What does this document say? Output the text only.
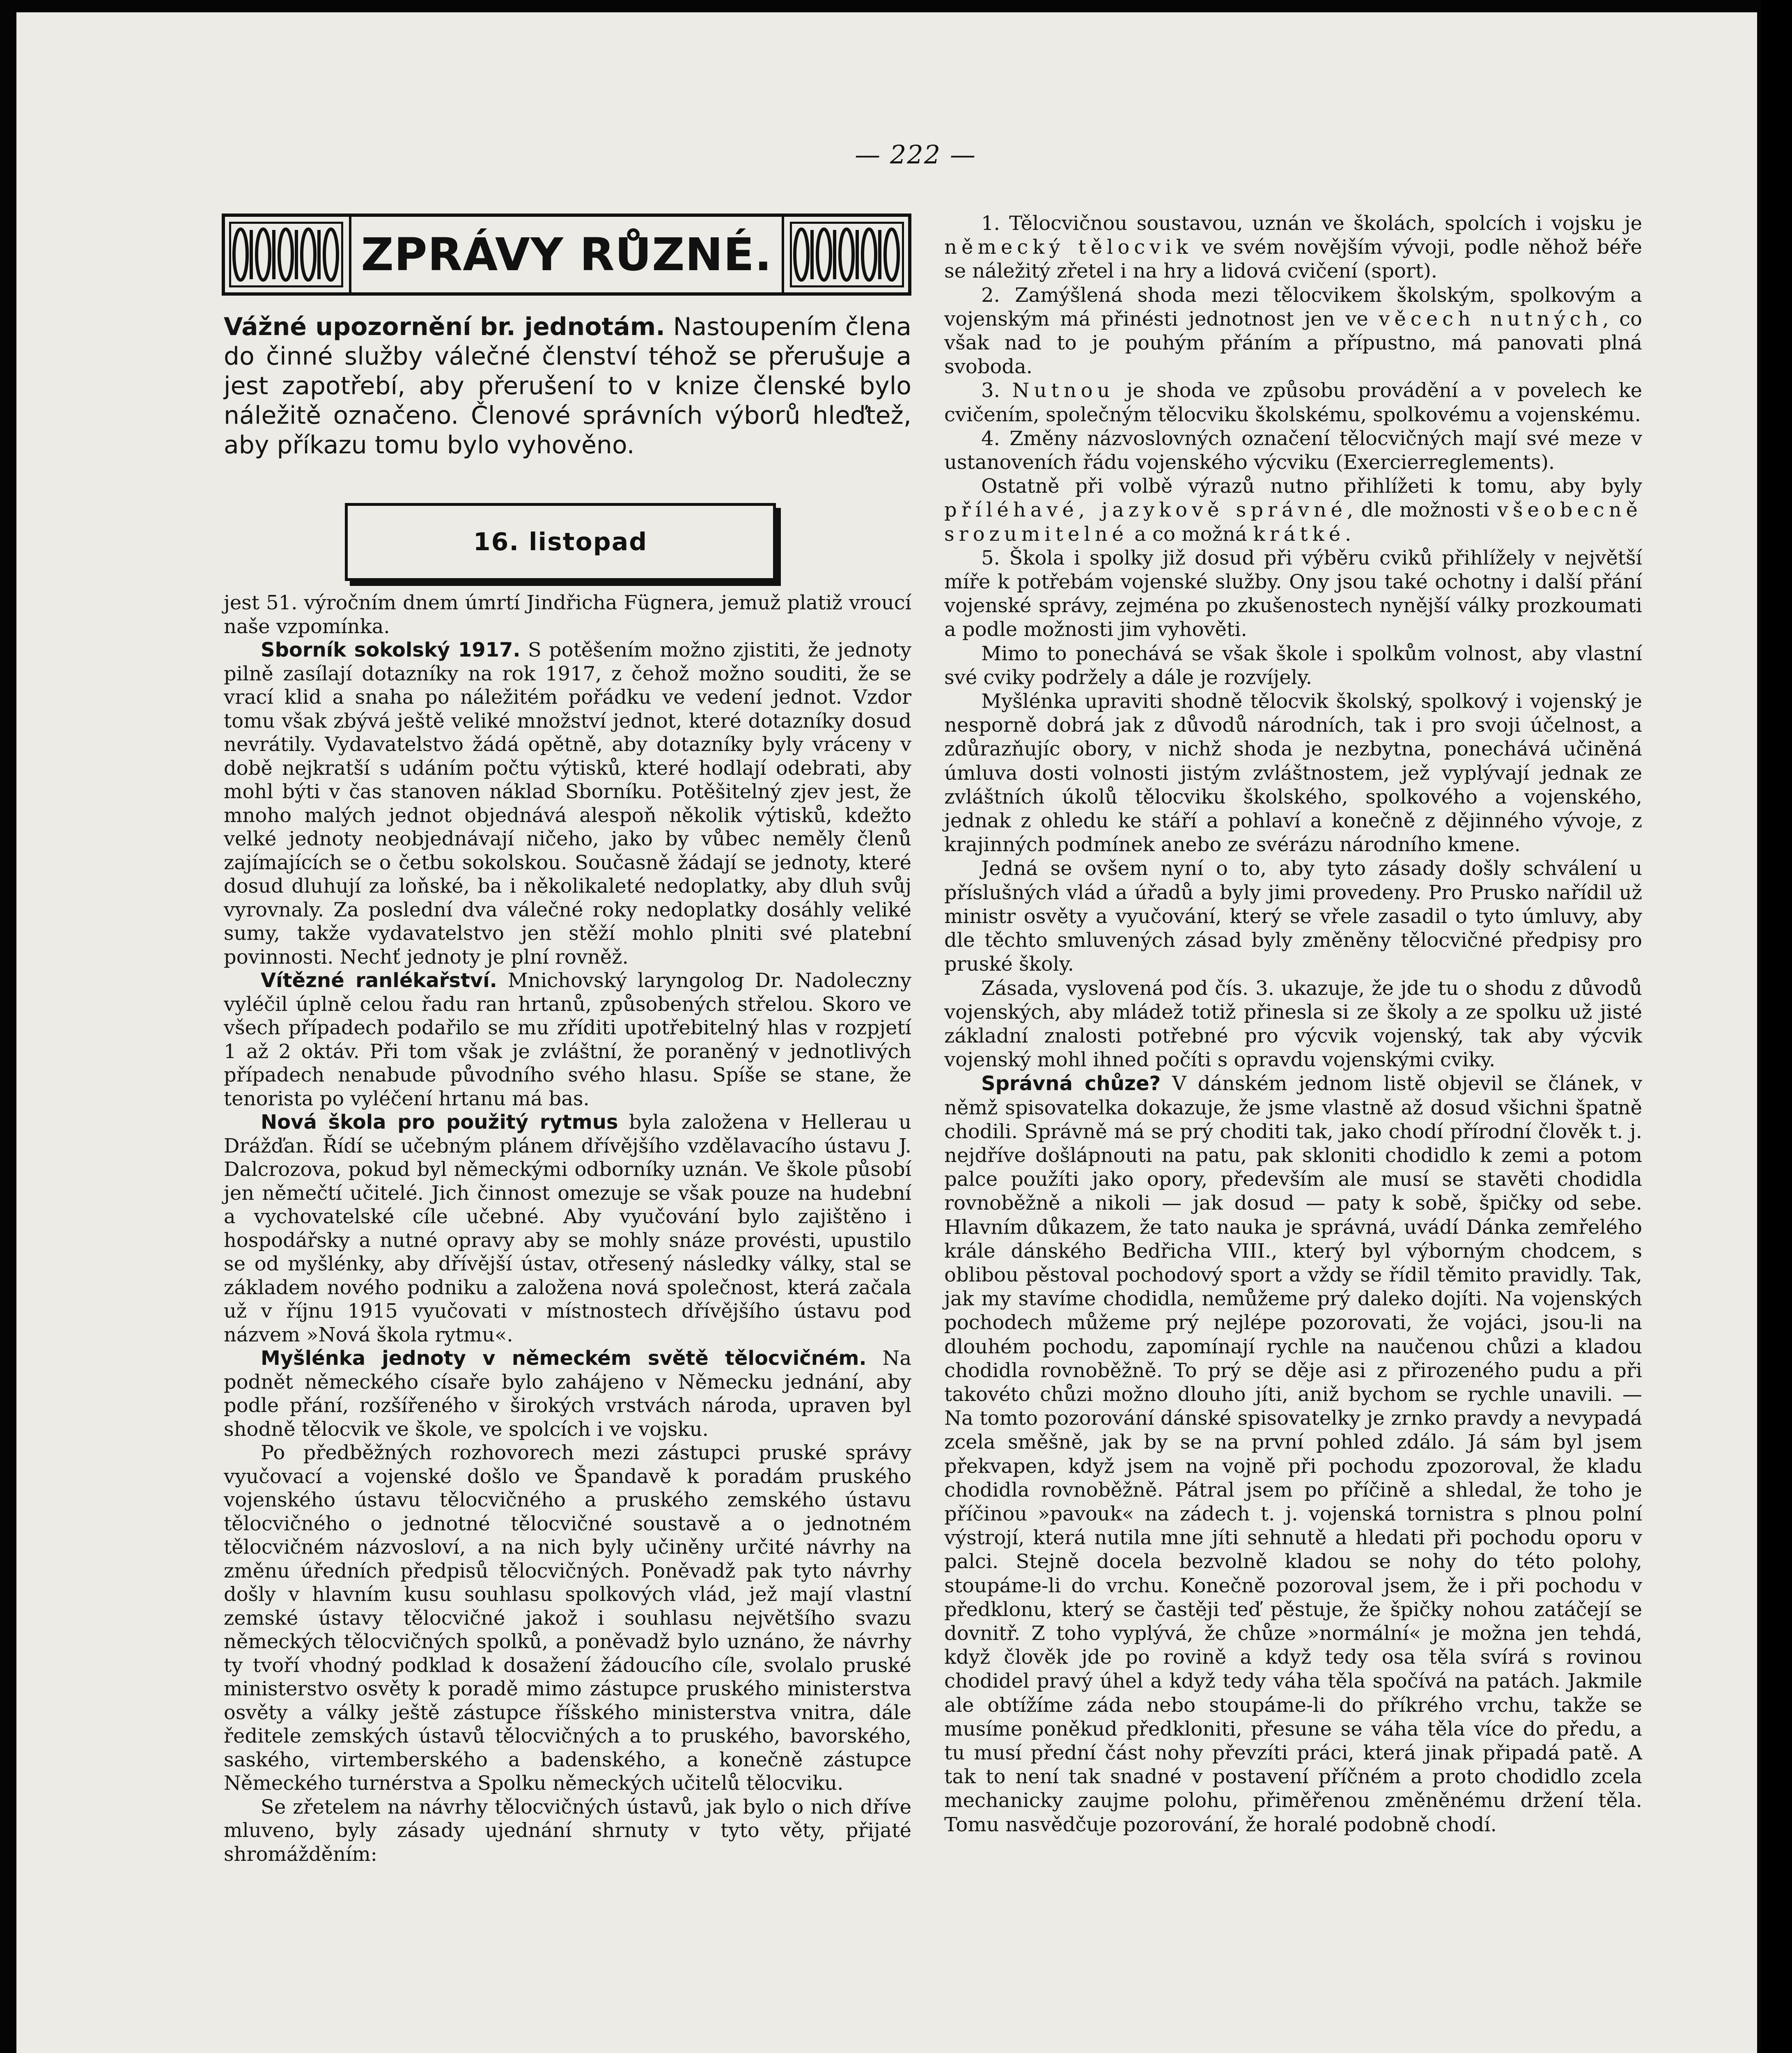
— 222 —
ZPRÁVY RŮZNÉ.
Vážné upozornění br. jednotám. Nastoupením člena do činné služby válečné členství téhož se přerušuje a jest zapotřebí, aby přerušení to v knize členské bylo náležitě označeno. Členové správních výborů hleďtež, aby příkazu tomu bylo vyhověno.
16. listopad

jest 51. výročním dnem úmrtí Jindřicha Fügnera, jemuž platiž vroucí naše vzpomínka.

Sborník sokolský 1917. S potěšením možno zjistiti, že jednoty pilně zasílají dotazníky na rok 1917, z čehož možno souditi, že se vrací klid a snaha po náležitém pořádku ve vedení jednot. Vzdor tomu však zbývá ještě veliké množství jednot, které dotazníky dosud nevrátily. Vydavatelstvo žádá opětně, aby dotazníky byly vráceny v době nejkratší s udáním počtu výtisků, které hodlají odebrati, aby mohl býti v čas stanoven náklad Sborníku. Potěšitelný zjev jest, že mnoho malých jednot objednává alespoň několik výtisků, kdežto velké jednoty neobjednávají ničeho, jako by vůbec neměly členů zajímajících se o četbu sokolskou. Současně žádají se jednoty, které dosud dluhují za loňské, ba i několikaleté nedoplatky, aby dluh svůj vyrovnaly. Za poslední dva válečné roky nedoplatky dosáhly veliké sumy, takže vydavatelstvo jen stěží mohlo plniti své platební povinnosti. Nechť jednoty je plní rovněž.

Vítězné ranlékařství. Mnichovský laryngolog Dr. Nadoleczny vyléčil úplně celou řadu ran hrtanů, způsobených střelou. Skoro ve všech případech podařilo se mu zříditi upotřebitelný hlas v rozpjetí 1 až 2 oktáv. Při tom však je zvláštní, že poraněný v jednotlivých případech nenabude původního svého hlasu. Spíše se stane, že tenorista po vyléčení hrtanu má bas.

Nová škola pro použitý rytmus byla založena v Hellerau u Drážďan. Řídí se učebným plánem dřívějšího vzdělavacího ústavu J. Dalcrozova, pokud byl německými odborníky uznán. Ve škole působí jen němečtí učitelé. Jich činnost omezuje se však pouze na hudební a vychovatelské cíle učebné. Aby vyučování bylo zajištěno i hospodářsky a nutné opravy aby se mohly snáze provésti, upustilo se od myšlénky, aby dřívější ústav, otřesený následky války, stal se základem nového podniku a založena nová společnost, která začala už v říjnu 1915 vyučovati v místnostech dřívějšího ústavu pod názvem »Nová škola rytmu«.

Myšlénka jednoty v německém světě tělocvičném. Na podnět německého císaře bylo zahájeno v Německu jednání, aby podle přání, rozšířeného v širokých vrstvách národa, upraven byl shodně tělocvik ve škole, ve spolcích i ve vojsku.

Po předběžných rozhovorech mezi zástupci pruské správy vyučovací a vojenské došlo ve Špandavě k poradám pruského vojenského ústavu tělocvičného a pruského zemského ústavu tělocvičného o jednotné tělocvičné soustavě a o jednotném tělocvičném názvosloví, a na nich byly učiněny určité návrhy na změnu úředních předpisů tělocvičných. Poněvadž pak tyto návrhy došly v hlavním kusu souhlasu spolkových vlád, jež mají vlastní zemské ústavy tělocvičné jakož i souhlasu největšího svazu německých tělocvičných spolků, a poněvadž bylo uznáno, že návrhy ty tvoří vhodný podklad k dosažení žádoucího cíle, svolalo pruské ministerstvo osvěty k poradě mimo zástupce pruského ministerstva osvěty a války ještě zástupce říšského ministerstva vnitra, dále ředitele zemských ústavů tělocvičných a to pruského, bavorského, saského, virtemberského a badenského, a konečně zástupce Německého turnérstva a Spolku německých učitelů tělocviku.

Se zřetelem na návrhy tělocvičných ústavů, jak bylo o nich dříve mluveno, byly zásady ujednání shrnuty v tyto věty, přijaté shromážděním:

1. Tělocvičnou soustavou, uznán ve školách, spolcích i vojsku je německý tělocvik ve svém novějším vývoji, podle něhož béře se náležitý zřetel i na hry a lidová cvičení (sport).

2. Zamýšlená shoda mezi tělocvikem školským, spolkovým a vojenským má přinésti jednotnost jen ve věcech nutných, co však nad to je pouhým přáním a přípustno, má panovati plná svoboda.

3. Nutnou je shoda ve způsobu provádění a v povelech ke cvičením, společným tělocviku školskému, spolkovému a vojenskému.

4. Změny názvoslovných označení tělocvičných mají své meze v ustanoveních řádu vojenského výcviku (Exercierreglements).

Ostatně při volbě výrazů nutno přihlížeti k tomu, aby byly příléhavé, jazykově správné, dle možnosti všeobecně srozumitelné a co možná krátké.

5. Škola i spolky již dosud při výběru cviků přihlížely v největší míře k potřebám vojenské služby. Ony jsou také ochotny i další přání vojenské správy, zejména po zkušenostech nynější války prozkoumati a podle možnosti jim vyhověti.

Mimo to ponechává se však škole i spolkům volnost, aby vlastní své cviky podržely a dále je rozvíjely.

Myšlénka upraviti shodně tělocvik školský, spolkový i vojenský je nesporně dobrá jak z důvodů národních, tak i pro svoji účelnost, a zdůrazňujíc obory, v nichž shoda je nezbytna, ponechává učiněná úmluva dosti volnosti jistým zvláštnostem, jež vyplývají jednak ze zvláštních úkolů tělocviku školského, spolkového a vojenského, jednak z ohledu ke stáří a pohlaví a konečně z dějinného vývoje, z krajinných podmínek anebo ze svérázu národního kmene.

Jedná se ovšem nyní o to, aby tyto zásady došly schválení u příslušných vlád a úřadů a byly jimi provedeny. Pro Prusko nařídil už ministr osvěty a vyučování, který se vřele zasadil o tyto úmluvy, aby dle těchto smluvených zásad byly změněny tělocvičné předpisy pro pruské školy.

Zásada, vyslovená pod čís. 3. ukazuje, že jde tu o shodu z důvodů vojenských, aby mládež totiž přinesla si ze školy a ze spolku už jisté základní znalosti potřebné pro výcvik vojenský, tak aby výcvik vojenský mohl ihned počíti s opravdu vojenskými cviky.

Správná chůze? V dánském jednom listě objevil se článek, v němž spisovatelka dokazuje, že jsme vlastně až dosud všichni špatně chodili. Správně má se prý choditi tak, jako chodí přírodní člověk t. j. nejdříve došlápnouti na patu, pak skloniti chodidlo k zemi a potom palce použíti jako opory, především ale musí se stavěti chodidla rovnoběžně a nikoli — jak dosud — paty k sobě, špičky od sebe. Hlavním důkazem, že tato nauka je správná, uvádí Dánka zemřelého krále dánského Bedřicha VIII., který byl výborným chodcem, s oblibou pěstoval pochodový sport a vždy se řídil těmito pravidly. Tak, jak my stavíme chodidla, nemůžeme prý daleko dojíti. Na vojenských pochodech můžeme prý nejlépe pozorovati, že vojáci, jsou-li na dlouhém pochodu, zapomínají rychle na naučenou chůzi a kladou chodidla rovnoběžně. To prý se děje asi z přirozeného pudu a při takovéto chůzi možno dlouho jíti, aniž bychom se rychle unavili. — Na tomto pozorování dánské spisovatelky je zrnko pravdy a nevypadá zcela směšně, jak by se na první pohled zdálo. Já sám byl jsem překvapen, když jsem na vojně při pochodu zpozoroval, že kladu chodidla rovnoběžně. Pátral jsem po příčině a shledal, že toho je příčinou »pavouk« na zádech t. j. vojenská tornistra s plnou polní výstrojí, která nutila mne jíti sehnutě a hledati při pochodu oporu v palci. Stejně docela bezvolně kladou se nohy do této polohy, stoupáme-li do vrchu. Konečně pozoroval jsem, že i při pochodu v předklonu, který se častěji teď pěstuje, že špičky nohou zatáčejí se dovnitř. Z toho vyplývá, že chůze »normální« je možna jen tehdá, když člověk jde po rovině a když tedy osa těla svírá s rovinou chodidel pravý úhel a když tedy váha těla spočívá na patách. Jakmile ale obtížíme záda nebo stoupáme-li do příkrého vrchu, takže se musíme poněkud předkloniti, přesune se váha těla více do předu, a tu musí přední část nohy převzíti práci, která jinak připadá patě. A tak to není tak snadné v postavení příčném a proto chodidlo zcela mechanicky zaujme polohu, přiměřenou změněnému držení těla. Tomu nasvědčuje pozorování, že horalé podobně chodí.
